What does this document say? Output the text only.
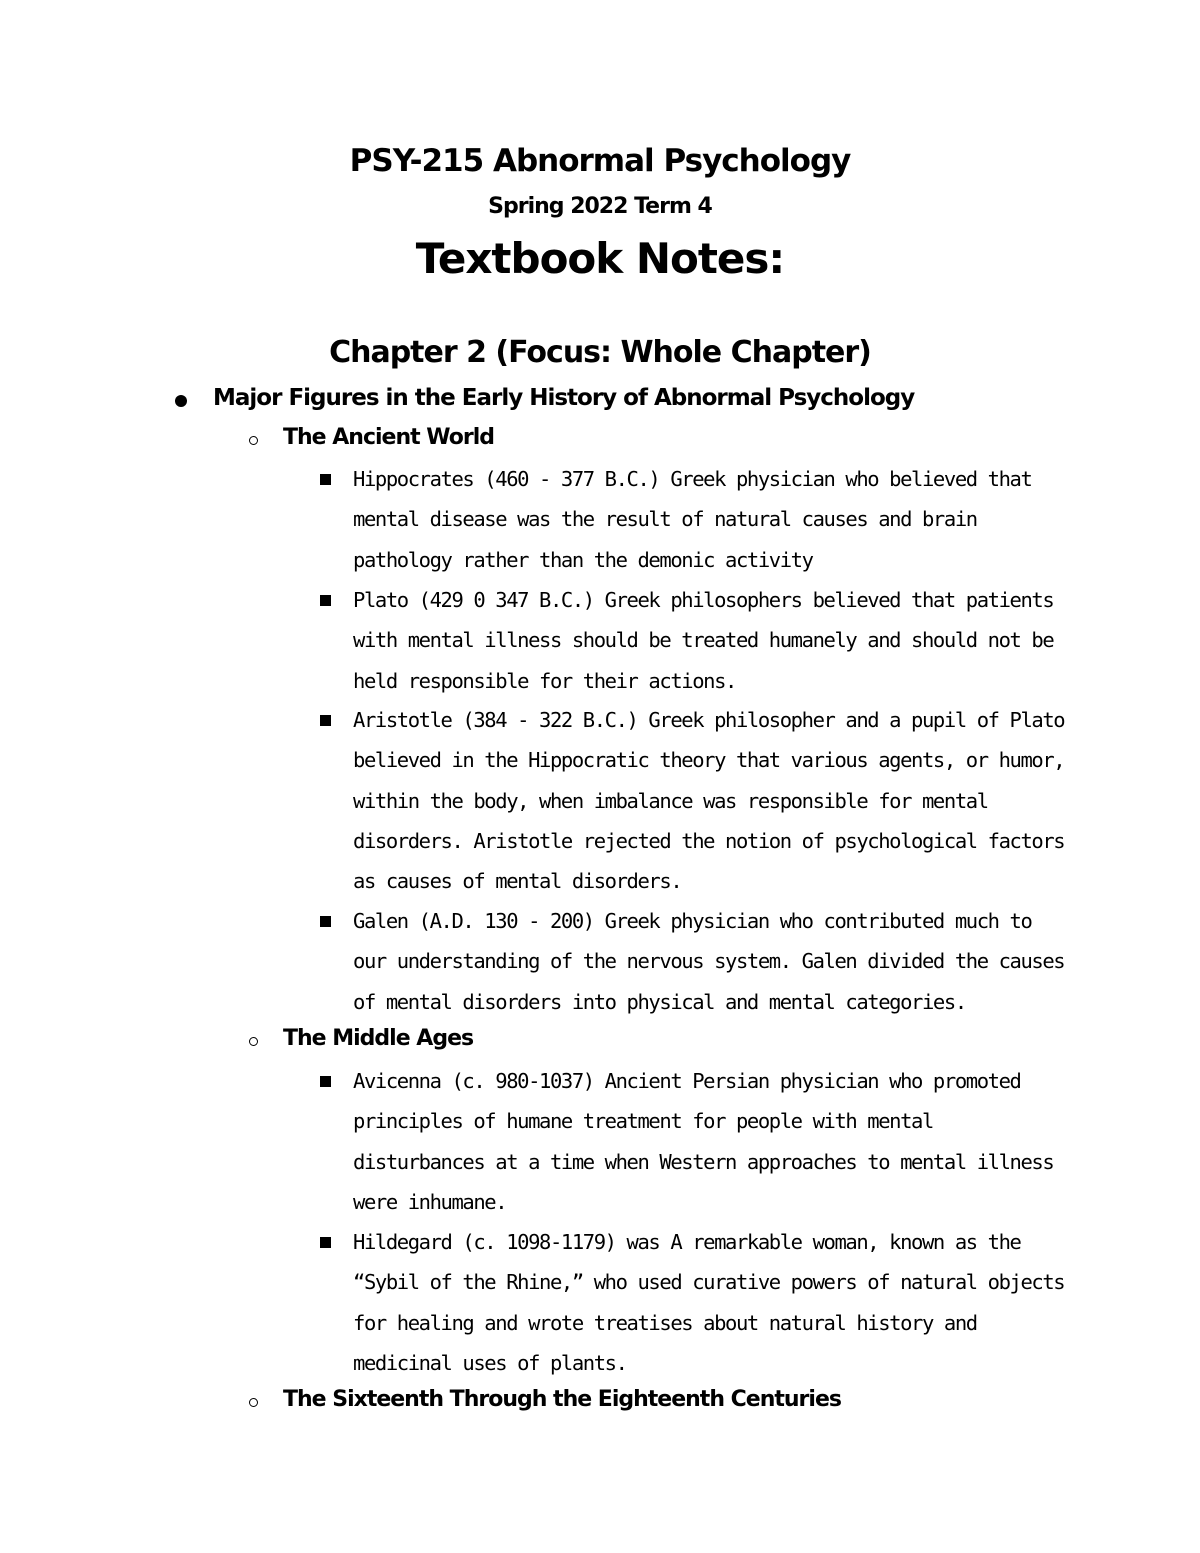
PSY-215 Abnormal Psychology
Spring 2022 Term 4
Textbook Notes:
Chapter 2 (Focus: Whole Chapter)
Major Figures in the Early History of Abnormal Psychology
The Ancient World
Hippocrates (460 - 377 B.C.) Greek physician who believed that mental disease was the result of natural causes and brain pathology rather than the demonic activity
Plato (429 0 347 B.C.) Greek philosophers believed that patients with mental illness should be treated humanely and should not be held responsible for their actions.
Aristotle (384 - 322 B.C.) Greek philosopher and a pupil of Plato believed in the Hippocratic theory that various agents, or humor, within the body, when imbalance was responsible for mental disorders. Aristotle rejected the notion of psychological factors as causes of mental disorders.
Galen (A.D. 130 - 200) Greek physician who contributed much to our understanding of the nervous system. Galen divided the causes of mental disorders into physical and mental categories.
The Middle Ages
Avicenna (c. 980-1037) Ancient Persian physician who promoted principles of humane treatment for people with mental disturbances at a time when Western approaches to mental illness were inhumane.
Hildegard (c. 1098-1179) was A remarkable woman, known as the “Sybil of the Rhine,” who used curative powers of natural objects for healing and wrote treatises about natural history and medicinal uses of plants.
The Sixteenth Through the Eighteenth Centuries
